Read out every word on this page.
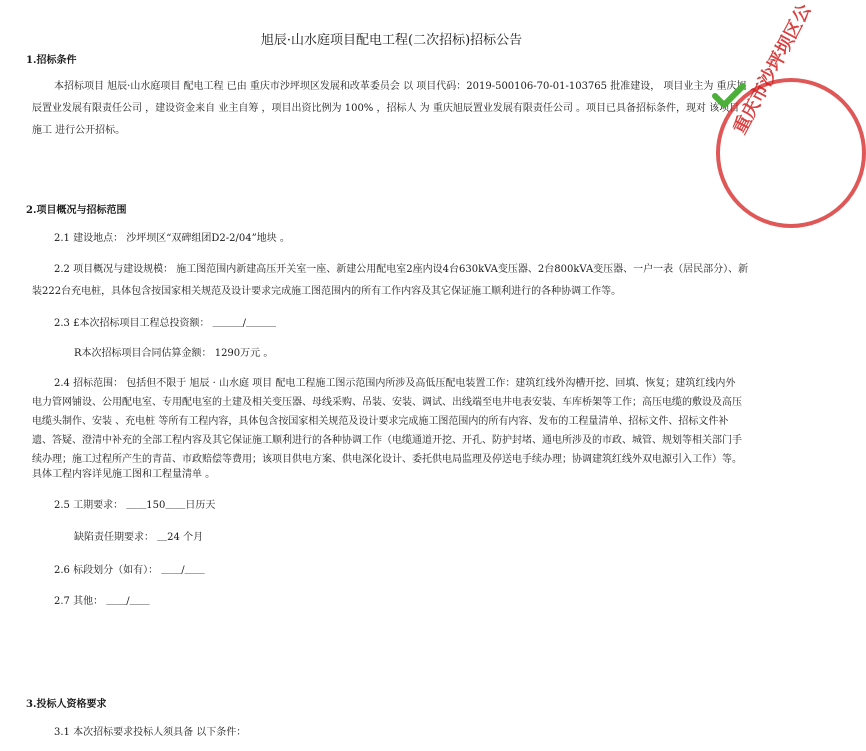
旭辰·山水庭项目配电工程(二次招标)招标公告
1.招标条件
本招标项目 旭辰·山水庭项目 配电工程 已由 重庆市沙坪坝区发展和改革委员会 以 项目代码：2019-500106-70-01-103765 批准建设， 项目业主为 重庆旭
辰置业发展有限责任公司 ，建设资金来自 业主自筹 ，项目出资比例为 100% ，招标人 为 重庆旭辰置业发展有限责任公司 。项目已具备招标条件，现对 该项目
施工 进行公开招标。
2.项目概况与招标范围
2.1 建设地点： 沙坪坝区“双碑组团D2-2/04”地块 。
2.2 项目概况与建设规模： 施工图范围内新建高压开关室一座、新建公用配电室2座内设4台630kVA变压器、2台800kVA变压器、一户一表（居民部分）、新
装222台充电桩，具体包含按国家相关规范及设计要求完成施工图范围内的所有工作内容及其它保证施工顺利进行的各种协调工作等。
2.3 £本次招标项目工程总投资额： ＿＿＿/＿＿＿
R本次招标项目合同估算金额： 1290万元 。
2.4 招标范围： 包括但不限于 旭辰 · 山水庭 项目 配电工程施工图示范围内所涉及高低压配电装置工作：建筑红线外沟槽开挖、回填、恢复；建筑红线内外
电力管网铺设、公用配电室、专用配电室的土建及相关变压器、母线采购、吊装、安装、调试、出线端至电井电表安装、车库桥架等工作；高压电缆的敷设及高压
电缆头制作、安装 、充电桩 等所有工程内容，具体包含按国家相关规范及设计要求完成施工图范围内的所有内容、发布的工程量清单、招标文件、招标文件补
遗、答疑、澄清中补充的全部工程内容及其它保证施工顺利进行的各种协调工作（电缆通道开挖、开孔、防护封堵、通电所涉及的市政、城管、规划等相关部门手
续办理；施工过程所产生的青苗、市政赔偿等费用；该项目供电方案、供电深化设计、委托供电局监理及停送电手续办理；协调建筑红线外双电源引入工作）等。
具体工程内容详见施工图和工程量清单 。
2.5 工期要求： ＿＿150＿＿日历天
缺陷责任期要求： ＿24 个月
2.6 标段划分（如有）： ＿＿/＿＿
2.7 其他： ＿＿/＿＿
3.投标人资格要求
3.1 本次招标要求投标人须具备 以下条件：
重庆市沙坪坝区公
